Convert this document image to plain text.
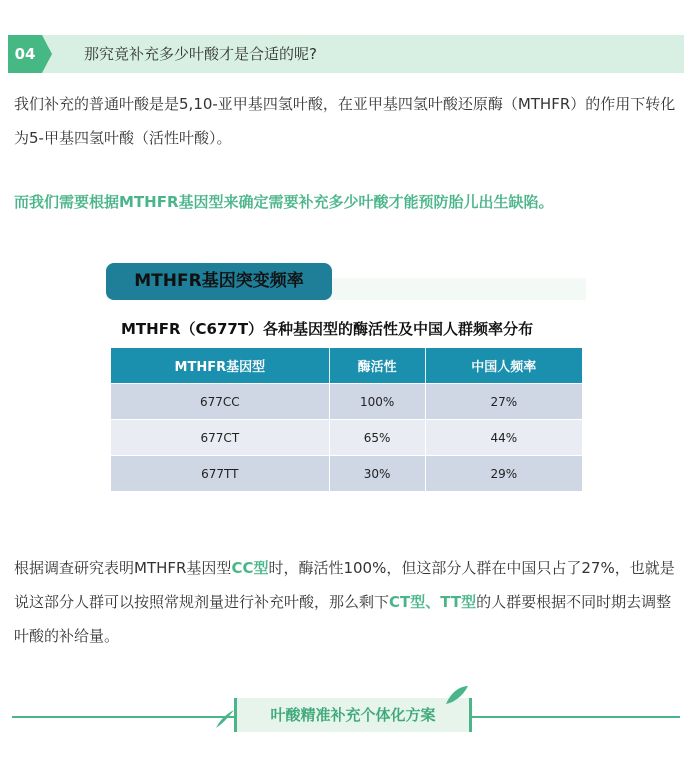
04	那究竟补充多少叶酸才是合适的呢?

我们补充的普通叶酸是是5,10-亚甲基四氢叶酸，在亚甲基四氢叶酸还原酶（MTHFR）的作用下转化为5-甲基四氢叶酸（活性叶酸）。

而我们需要根据MTHFR基因型来确定需要补充多少叶酸才能预防胎儿出生缺陷。

MTHFR基因突变频率
MTHFR（C677T）各种基因型的酶活性及中国人群频率分布
MTHFR基因型	酶活性	中国人频率
677CC	100%	27%
677CT	65%	44%
677TT	30%	29%

根据调查研究表明MTHFR基因型CC型时，酶活性100%，但这部分人群在中国只占了27%，也就是说这部分人群可以按照常规剂量进行补充叶酸，那么剩下CT型、TT型的人群要根据不同时期去调整叶酸的补给量。

叶酸精准补充个体化方案
